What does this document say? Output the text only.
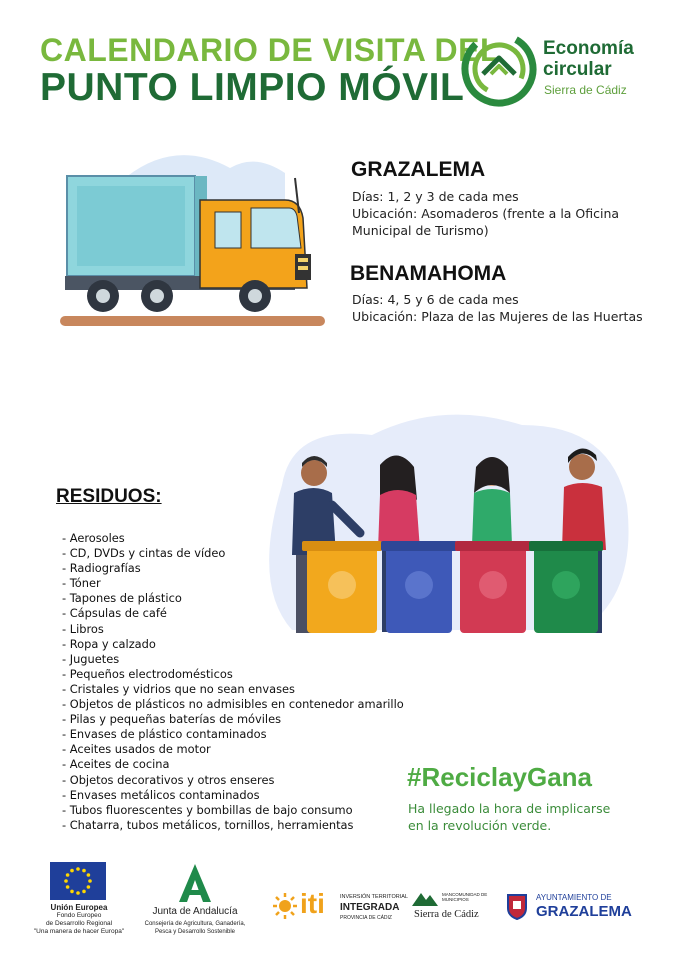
CALENDARIO DE VISITA DEL
PUNTO LIMPIO MÓVIL
Economía
circular
Sierra de Cádiz
GRAZALEMA
Días: 1, 2 y 3 de cada mes
Ubicación: Asomaderos (frente a la Oficina
Municipal de Turismo)
BENAMAHOMA
Días: 4, 5 y 6 de cada mes
Ubicación: Plaza de las Mujeres de las Huertas
RESIDUOS:
- Aerosoles
- CD, DVDs y cintas de vídeo
- Radiografías
- Tóner
- Tapones de plástico
- Cápsulas de café
- Libros
- Ropa y calzado
- Juguetes
- Pequeños electrodomésticos
- Cristales y vidrios que no sean envases
- Objetos de plásticos no admisibles en contenedor amarillo
- Pilas y pequeñas baterías de móviles
- Envases de plástico contaminados
- Aceites usados de motor
- Aceites de cocina
- Objetos decorativos y otros enseres
- Envases metálicos contaminados
- Tubos fluorescentes y bombillas de bajo consumo
- Chatarra, tubos metálicos, tornillos, herramientas
#ReciclayGana
Ha llegado la hora de implicarse
en la revolución verde.
Unión Europea
Fondo Europeo
de Desarrollo Regional
"Una manera de hacer Europa"
Junta de Andalucía
Consejería de Agricultura, Ganadería,
Pesca y Desarrollo Sostenible
iti	INVERSIÓN TERRITORIAL
INTEGRADA
PROVINCIA DE CÁDIZ
MANCOMUNIDAD DE MUNICIPIOS
Sierra de Cádiz
AYUNTAMIENTO DE
GRAZALEMA
